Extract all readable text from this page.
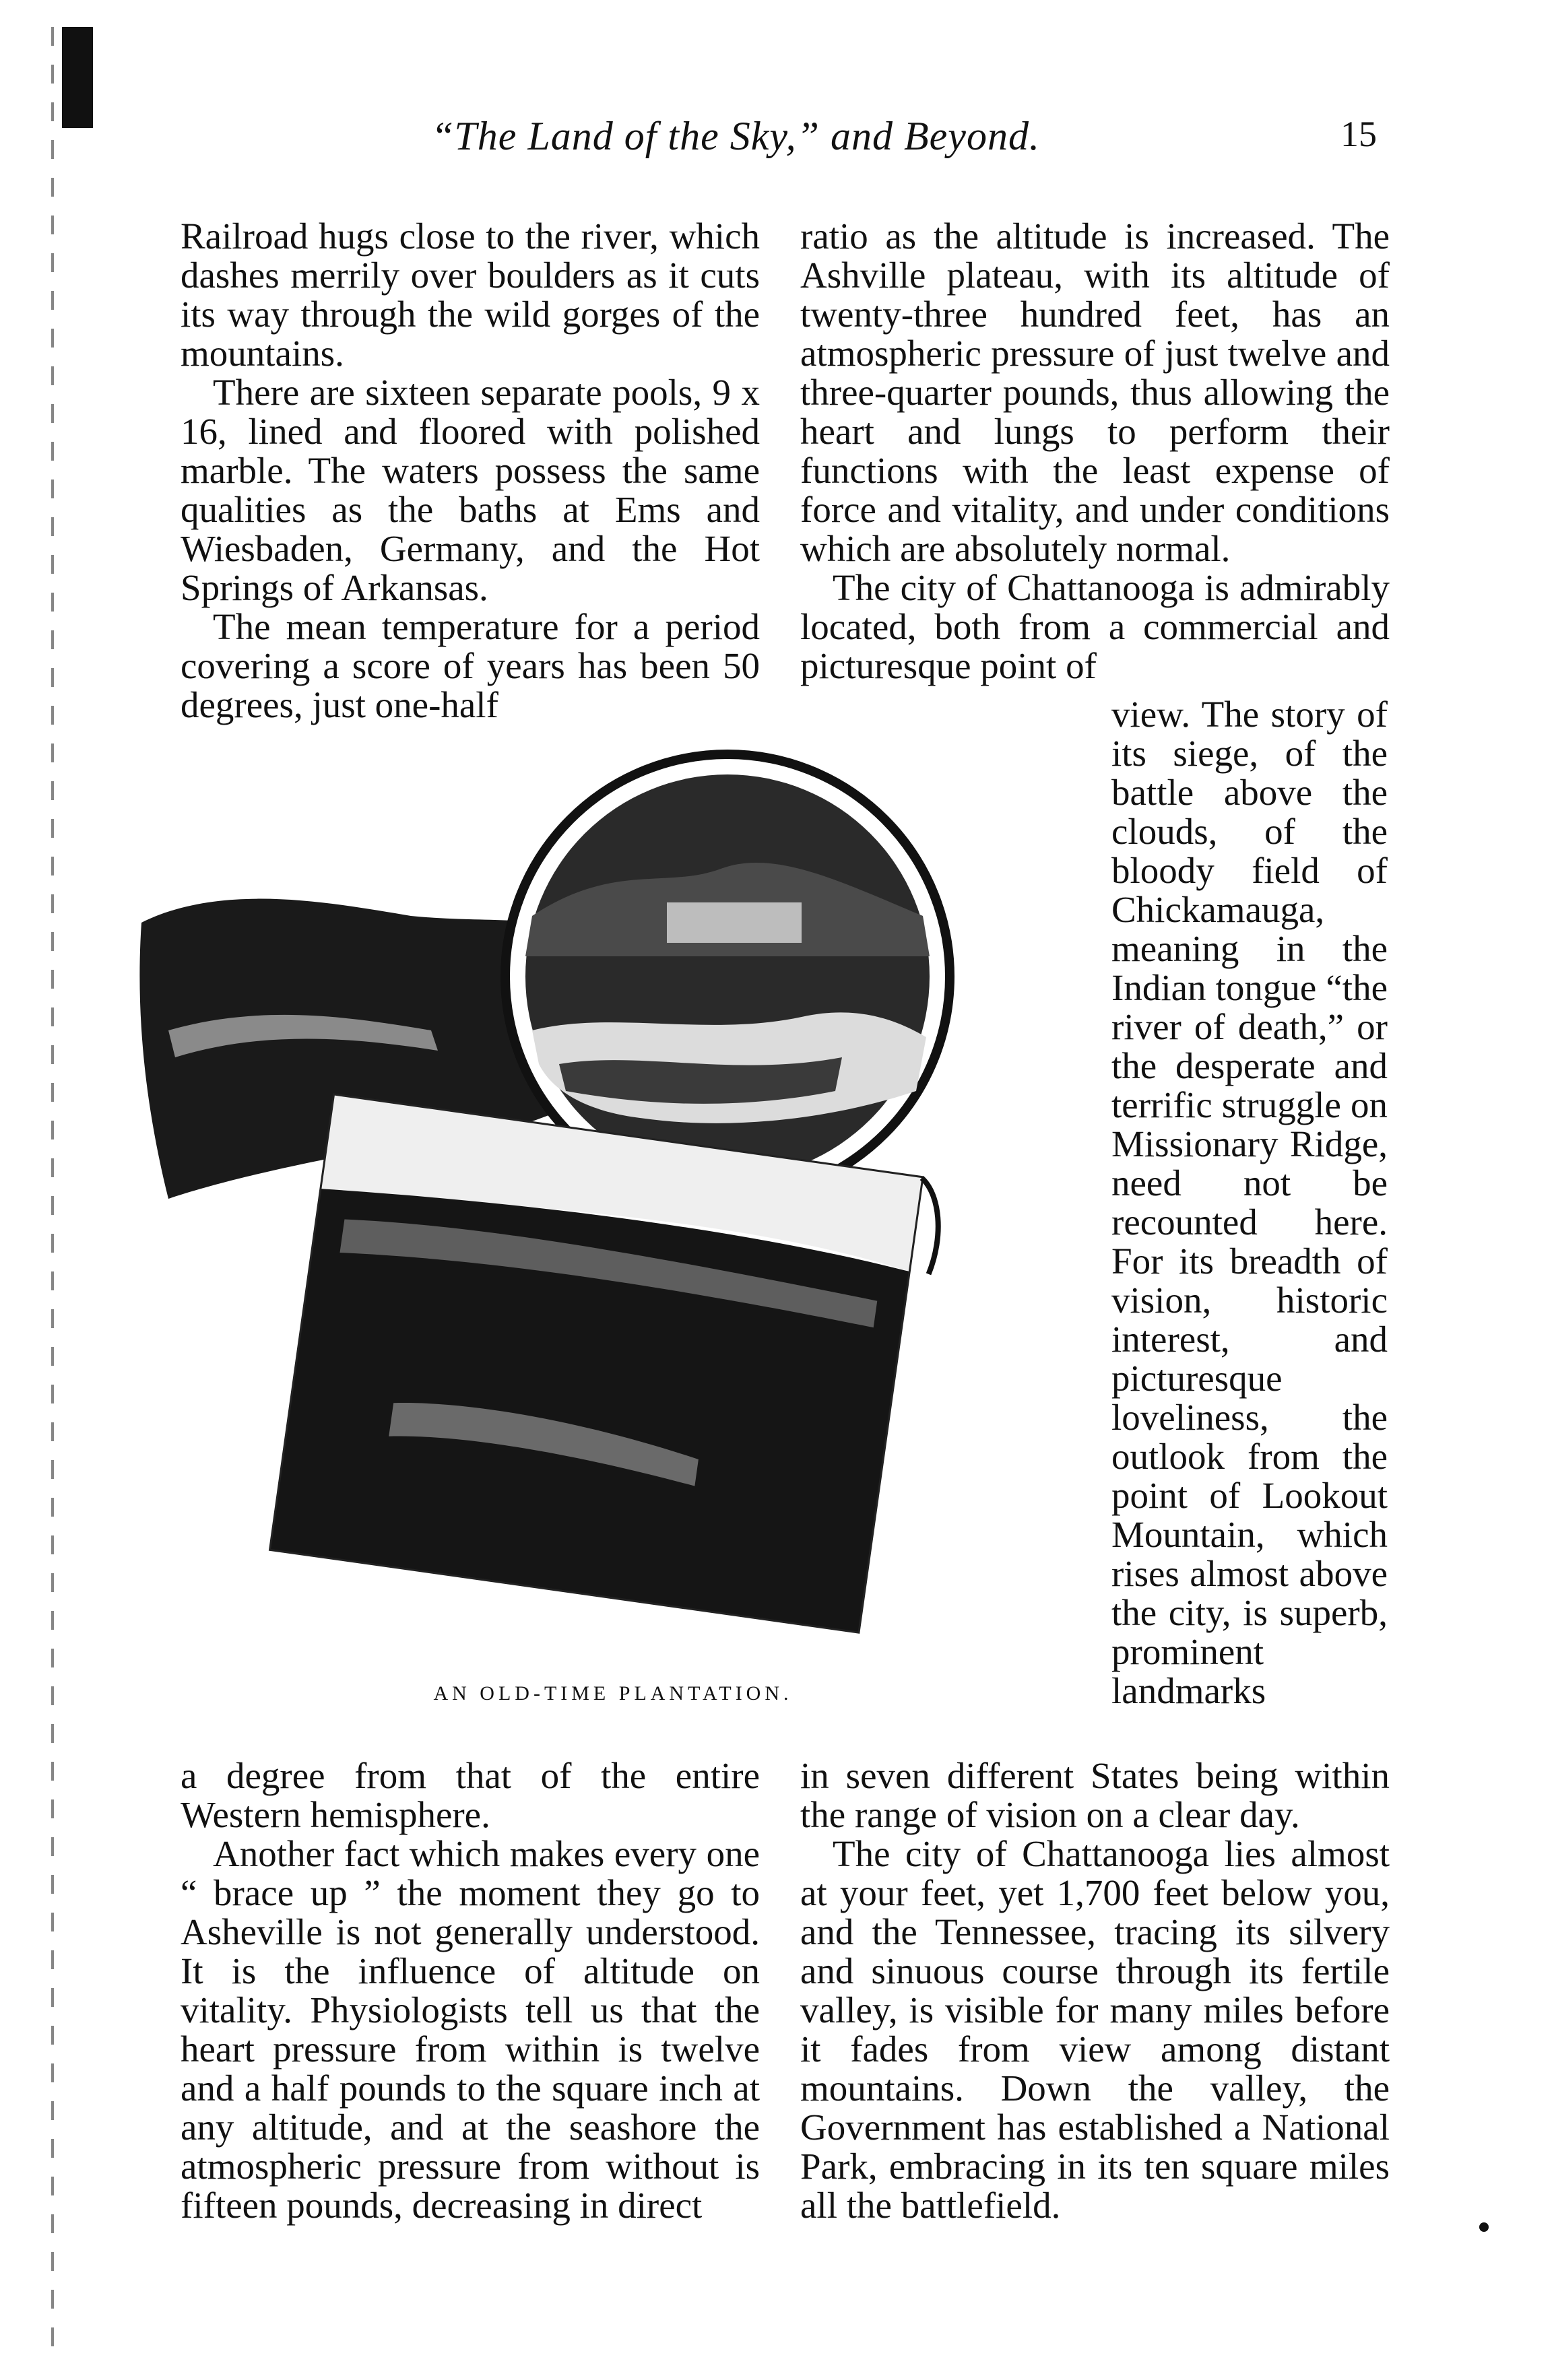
“The Land of the Sky,” and Beyond.	15

Railroad hugs close to the river, which dashes merrily over boulders as it cuts its way through the wild gorges of the mountains.

There are sixteen separate pools, 9 x 16, lined and floored with polished marble. The waters possess the same qualities as the baths at Ems and Wiesbaden, Germany, and the Hot Springs of Arkansas.

The mean temperature for a period covering a score of years has been 50 degrees, just one-half

AN OLD-TIME PLANTATION.

a degree from that of the entire Western hemisphere.

Another fact which makes every one “ brace up ” the moment they go to Asheville is not generally understood. It is the influence of altitude on vitality. Physiologists tell us that the heart pressure from within is twelve and a half pounds to the square inch at any altitude, and at the seashore the atmospheric pressure from without is fifteen pounds, decreasing in direct

ratio as the altitude is increased. The Ashville plateau, with its altitude of twenty-three hundred feet, has an atmospheric pressure of just twelve and three-quarter pounds, thus allowing the heart and lungs to perform their functions with the least expense of force and vitality, and under conditions which are absolutely normal.

The city of Chattanooga is admirably located, both from a commercial and picturesque point of

view. The story of its siege, of the battle above the clouds, of the bloody field of Chickamauga, meaning in the Indian tongue “the river of death,” or the desperate and terrific struggle on Missionary Ridge, need not be recounted here. For its breadth of vision, historic interest, and picturesque loveliness, the outlook from the point of Lookout Mountain, which rises almost above the city, is superb, prominent landmarks

in seven different States being within the range of vision on a clear day.

The city of Chattanooga lies almost at your feet, yet 1,700 feet below you, and the Tennessee, tracing its silvery and sinuous course through its fertile valley, is visible for many miles before it fades from view among distant mountains. Down the valley, the Government has established a National Park, embracing in its ten square miles all the battlefield.
